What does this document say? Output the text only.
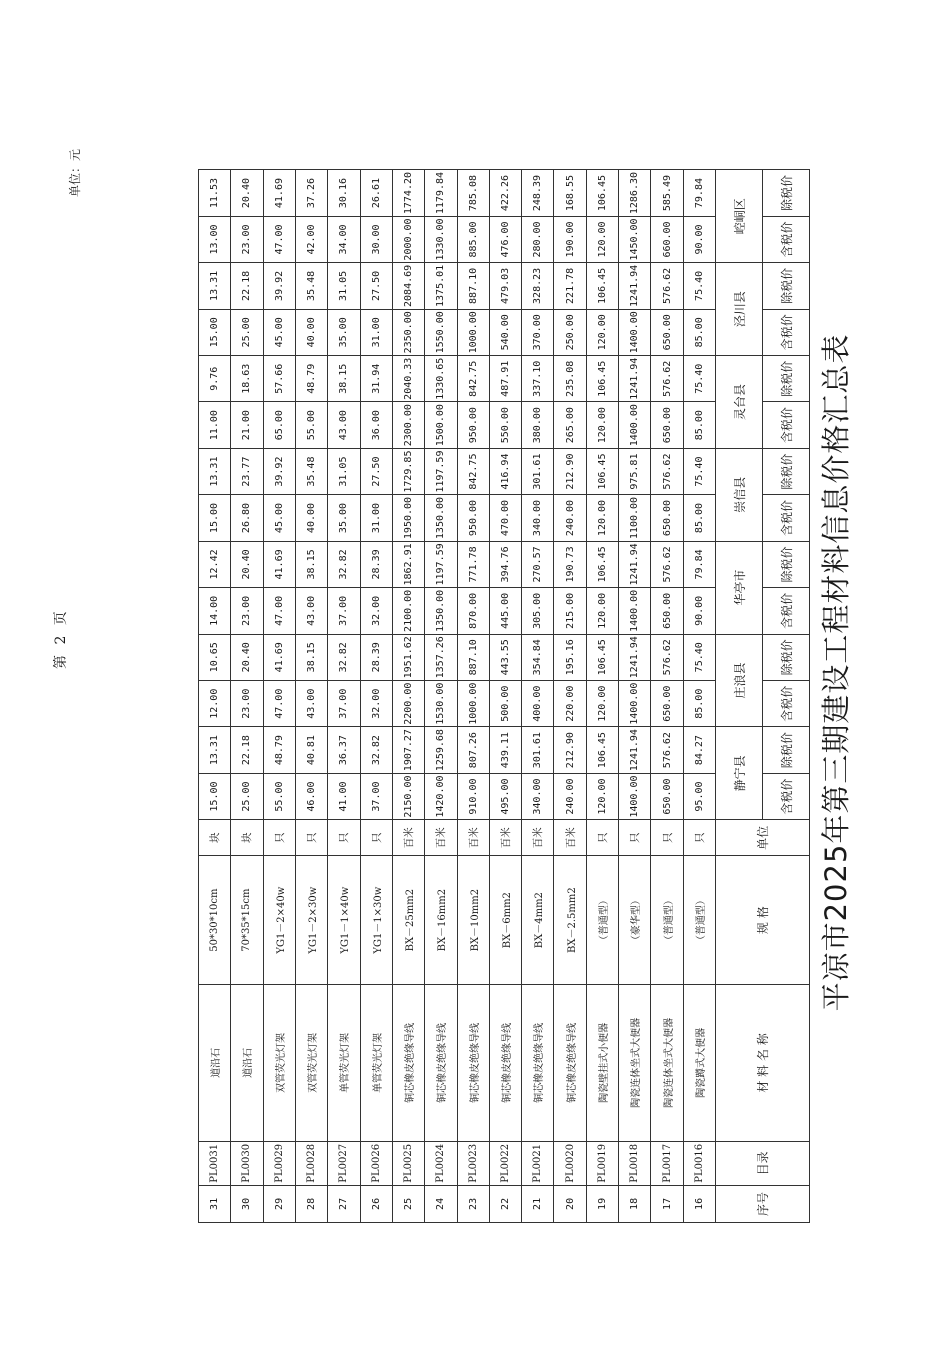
平凉市2025年第三期建设工程材料信息价格汇总表
单位：元
第 2 页
序号	目录	材 料 名 称	规 格	单位	静宁县		庄浪县		华亭市		崇信县		灵台县		泾川县		崆峒区	
					含税价	除税价	含税价	除税价	含税价	除税价	含税价	除税价	含税价	除税价	含税价	除税价	含税价	除税价
31	PL0031	道沿石	50*30*10cm	块	15.00	13.31	12.00	10.65	14.00	12.42	15.00	13.31	11.00	9.76	15.00	13.31	13.00	11.53
30	PL0030	道沿石	70*35*15cm	块	25.00	22.18	23.00	20.40	23.00	20.40	26.80	23.77	21.00	18.63	25.00	22.18	23.00	20.40
29	PL0029	双管荧光灯架	YG1－2×40w	只	55.00	48.79	47.00	41.69	47.00	41.69	45.00	39.92	65.00	57.66	45.00	39.92	47.00	41.69
28	PL0028	双管荧光灯架	YG1－2×30w	只	46.00	40.81	43.00	38.15	43.00	38.15	40.00	35.48	55.00	48.79	40.00	35.48	42.00	37.26
27	PL0027	单管荧光灯架	YG1－1×40w	只	41.00	36.37	37.00	32.82	37.00	32.82	35.00	31.05	43.00	38.15	35.00	31.05	34.00	30.16
26	PL0026	单管荧光灯架	YG1－1×30w	只	37.00	32.82	32.00	28.39	32.00	28.39	31.00	27.50	36.00	31.94	31.00	27.50	30.00	26.61
25	PL0025	铜芯橡皮绝缘导线	BX－25mm2	百米	2150.00	1907.27	2200.00	1951.62	2100.00	1862.91	1950.00	1729.85	2300.00	2040.33	2350.00	2084.69	2000.00	1774.20
24	PL0024	铜芯橡皮绝缘导线	BX－16mm2	百米	1420.00	1259.68	1530.00	1357.26	1350.00	1197.59	1350.00	1197.59	1500.00	1330.65	1550.00	1375.01	1330.00	1179.84
23	PL0023	铜芯橡皮绝缘导线	BX－10mm2	百米	910.00	807.26	1000.00	887.10	870.00	771.78	950.00	842.75	950.00	842.75	1000.00	887.10	885.00	785.08
22	PL0022	铜芯橡皮绝缘导线	BX－6mm2	百米	495.00	439.11	500.00	443.55	445.00	394.76	470.00	416.94	550.00	487.91	540.00	479.03	476.00	422.26
21	PL0021	铜芯橡皮绝缘导线	BX－4mm2	百米	340.00	301.61	400.00	354.84	305.00	270.57	340.00	301.61	380.00	337.10	370.00	328.23	280.00	248.39
20	PL0020	铜芯橡皮绝缘导线	BX－2.5mm2	百米	240.00	212.90	220.00	195.16	215.00	190.73	240.00	212.90	265.00	235.08	250.00	221.78	190.00	168.55
19	PL0019	陶瓷壁挂式小便器	（普通型）	只	120.00	106.45	120.00	106.45	120.00	106.45	120.00	106.45	120.00	106.45	120.00	106.45	120.00	106.45
18	PL0018	陶瓷连体坐式大便器	（豪华型）	只	1400.00	1241.94	1400.00	1241.94	1400.00	1241.94	1100.00	975.81	1400.00	1241.94	1400.00	1241.94	1450.00	1286.30
17	PL0017	陶瓷连体坐式大便器	（普通型）	只	650.00	576.62	650.00	576.62	650.00	576.62	650.00	576.62	650.00	576.62	650.00	576.62	660.00	585.49
16	PL0016	陶瓷蹲式大便器	（普通型）	只	95.00	84.27	85.00	75.40	90.00	79.84	85.00	75.40	85.00	75.40	85.00	75.40	90.00	79.84
